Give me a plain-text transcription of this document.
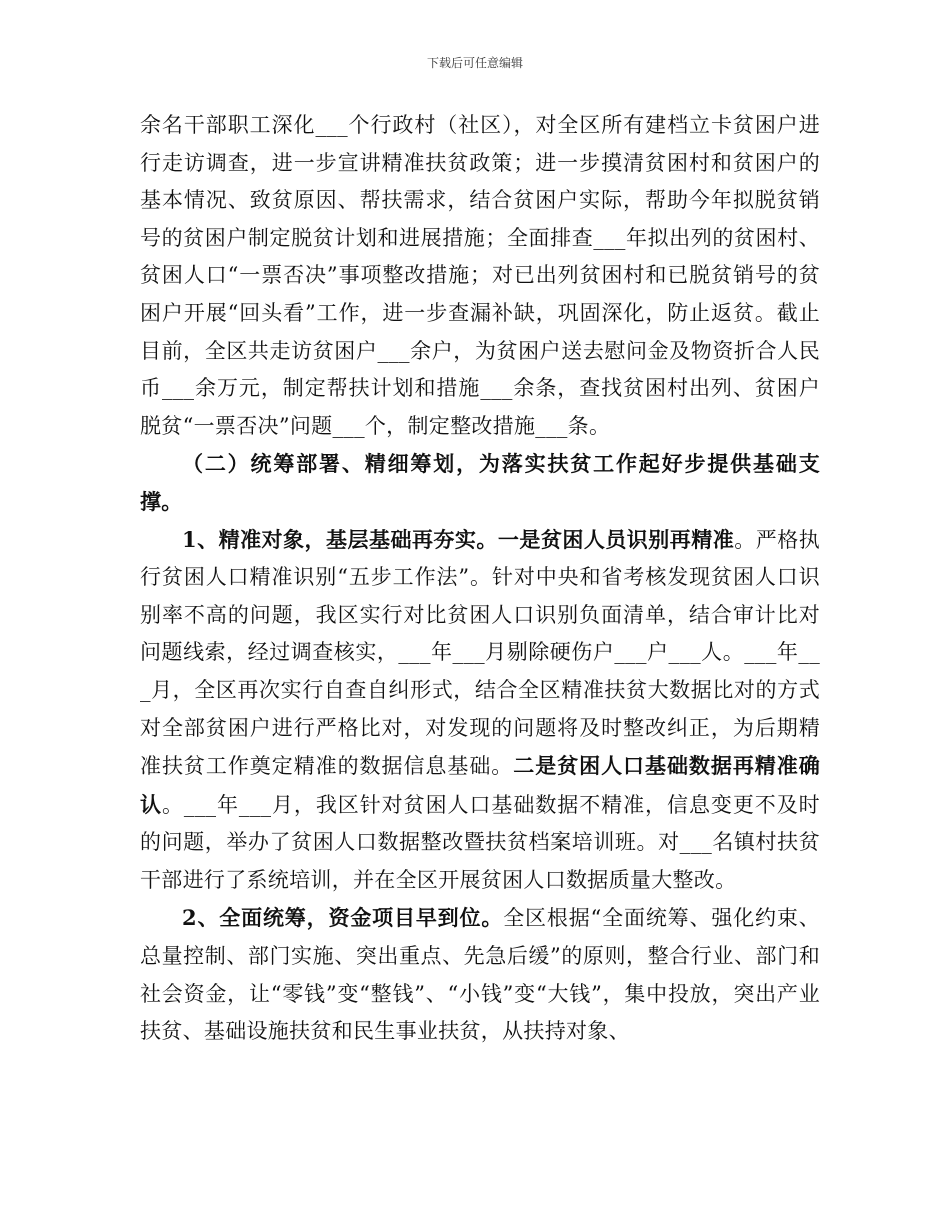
下载后可任意编辑

余名干部职工深化___个行政村（社区），对全区所有建档立卡贫困户进行走访调查，进一步宣讲精准扶贫政策；进一步摸清贫困村和贫困户的基本情况、致贫原因、帮扶需求，结合贫困户实际，帮助今年拟脱贫销号的贫困户制定脱贫计划和进展措施；全面排查___年拟出列的贫困村、贫困人口“一票否决”事项整改措施；对已出列贫困村和已脱贫销号的贫困户开展“回头看”工作，进一步查漏补缺，巩固深化，防止返贫。截止目前，全区共走访贫困户___余户，为贫困户送去慰问金及物资折合人民币___余万元，制定帮扶计划和措施___余条，查找贫困村出列、贫困户脱贫“一票否决”问题___个，制定整改措施___条。

（二）统筹部署、精细筹划，为落实扶贫工作起好步提供基础支撑。

1、精准对象，基层基础再夯实。一是贫困人员识别再精准。严格执行贫困人口精准识别“五步工作法”。针对中央和省考核发现贫困人口识别率不高的问题，我区实行对比贫困人口识别负面清单，结合审计比对问题线索，经过调查核实，___年___月剔除硬伤户___户___人。___年___月，全区再次实行自查自纠形式，结合全区精准扶贫大数据比对的方式对全部贫困户进行严格比对，对发现的问题将及时整改纠正，为后期精准扶贫工作奠定精准的数据信息基础。二是贫困人口基础数据再精准确认。___年___月，我区针对贫困人口基础数据不精准，信息变更不及时的问题，举办了贫困人口数据整改暨扶贫档案培训班。对___名镇村扶贫干部进行了系统培训，并在全区开展贫困人口数据质量大整改。

2、全面统筹，资金项目早到位。全区根据“全面统筹、强化约束、总量控制、部门实施、突出重点、先急后缓”的原则，整合行业、部门和社会资金，让“零钱”变“整钱”、“小钱”变“大钱”，集中投放，突出产业扶贫、基础设施扶贫和民生事业扶贫，从扶持对象、
